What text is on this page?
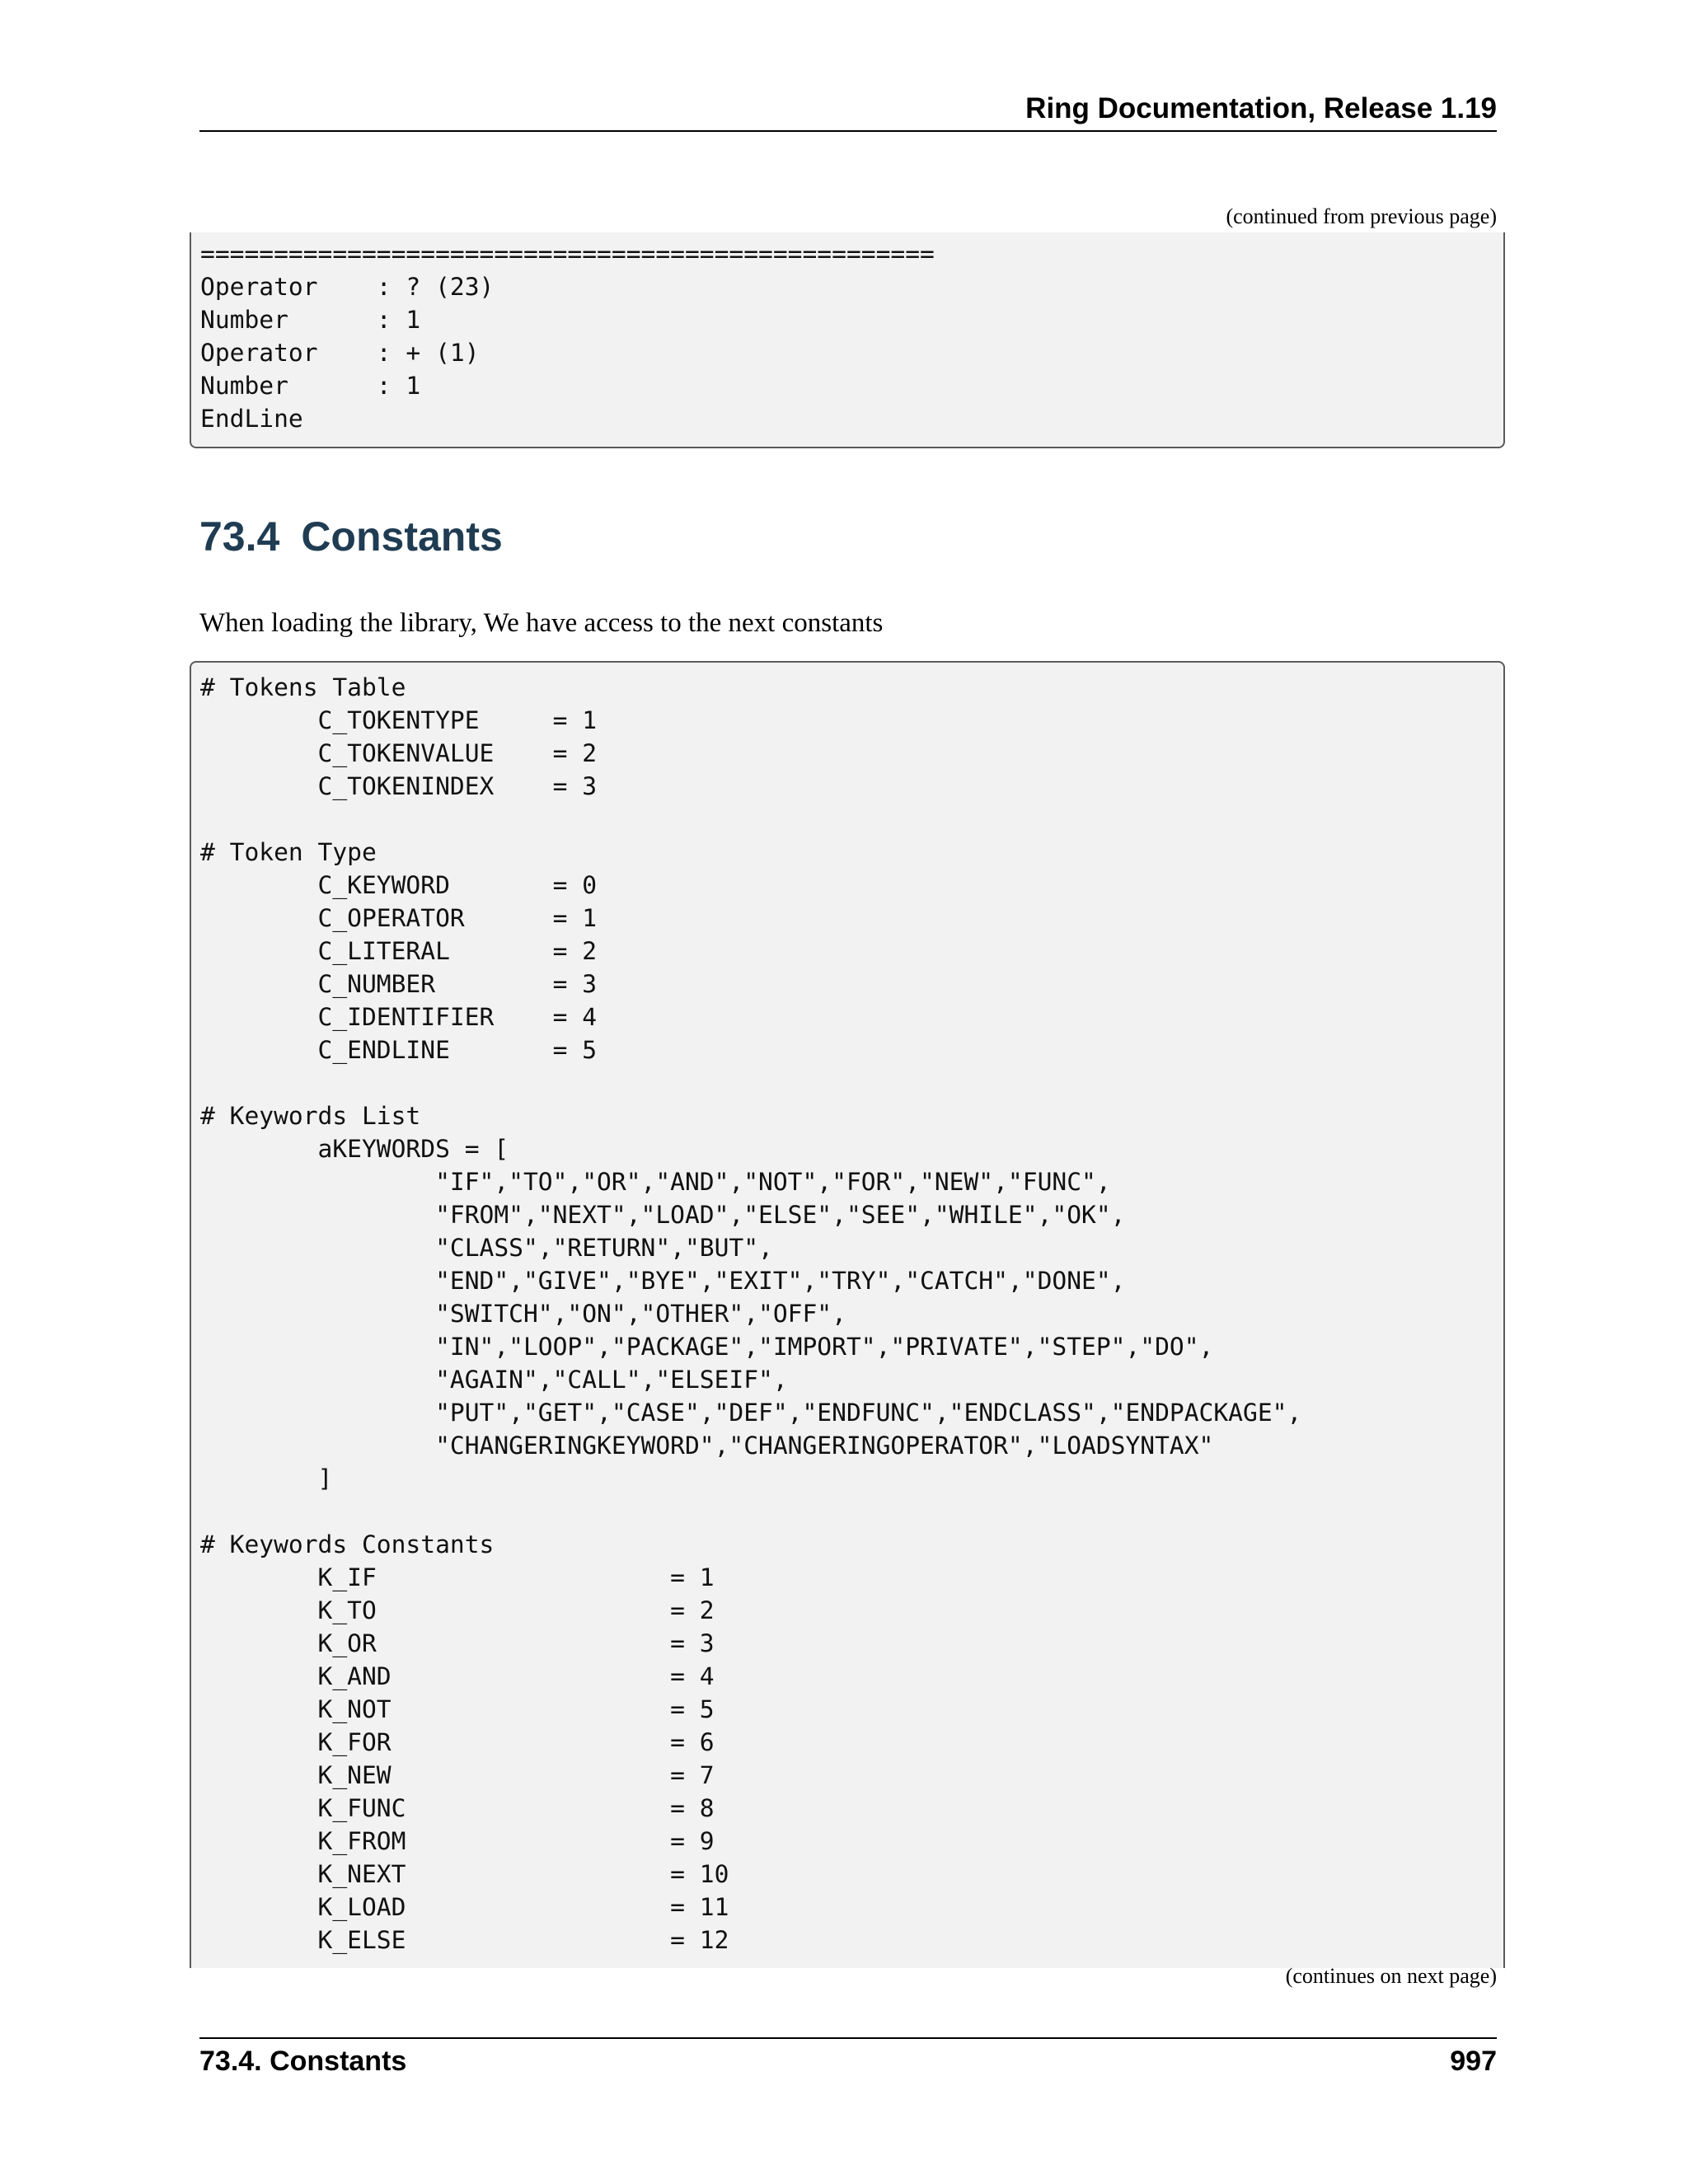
Ring Documentation, Release 1.19
(continued from previous page)
==================================================
Operator    : ? (23)
Number      : 1
Operator    : + (1)
Number      : 1
EndLine
73.4 Constants

When loading the library, We have access to the next constants

# Tokens Table
C_TOKENTYPE     = 1
C_TOKENVALUE    = 2
C_TOKENINDEX    = 3

# Token Type
C_KEYWORD       = 0
C_OPERATOR      = 1
C_LITERAL       = 2
C_NUMBER        = 3
C_IDENTIFIER    = 4
C_ENDLINE       = 5

# Keywords List
aKEYWORDS = [
"IF","TO","OR","AND","NOT","FOR","NEW","FUNC",
"FROM","NEXT","LOAD","ELSE","SEE","WHILE","OK",
"CLASS","RETURN","BUT",
"END","GIVE","BYE","EXIT","TRY","CATCH","DONE",
"SWITCH","ON","OTHER","OFF",
"IN","LOOP","PACKAGE","IMPORT","PRIVATE","STEP","DO",
"AGAIN","CALL","ELSEIF",
"PUT","GET","CASE","DEF","ENDFUNC","ENDCLASS","ENDPACKAGE",
"CHANGERINGKEYWORD","CHANGERINGOPERATOR","LOADSYNTAX"
]

# Keywords Constants
K_IF                    = 1
K_TO                    = 2
K_OR                    = 3
K_AND                   = 4
K_NOT                   = 5
K_FOR                   = 6
K_NEW                   = 7
K_FUNC                  = 8
K_FROM                  = 9
K_NEXT                  = 10
K_LOAD                  = 11
K_ELSE                  = 12
(continues on next page)
73.4. Constants	997
